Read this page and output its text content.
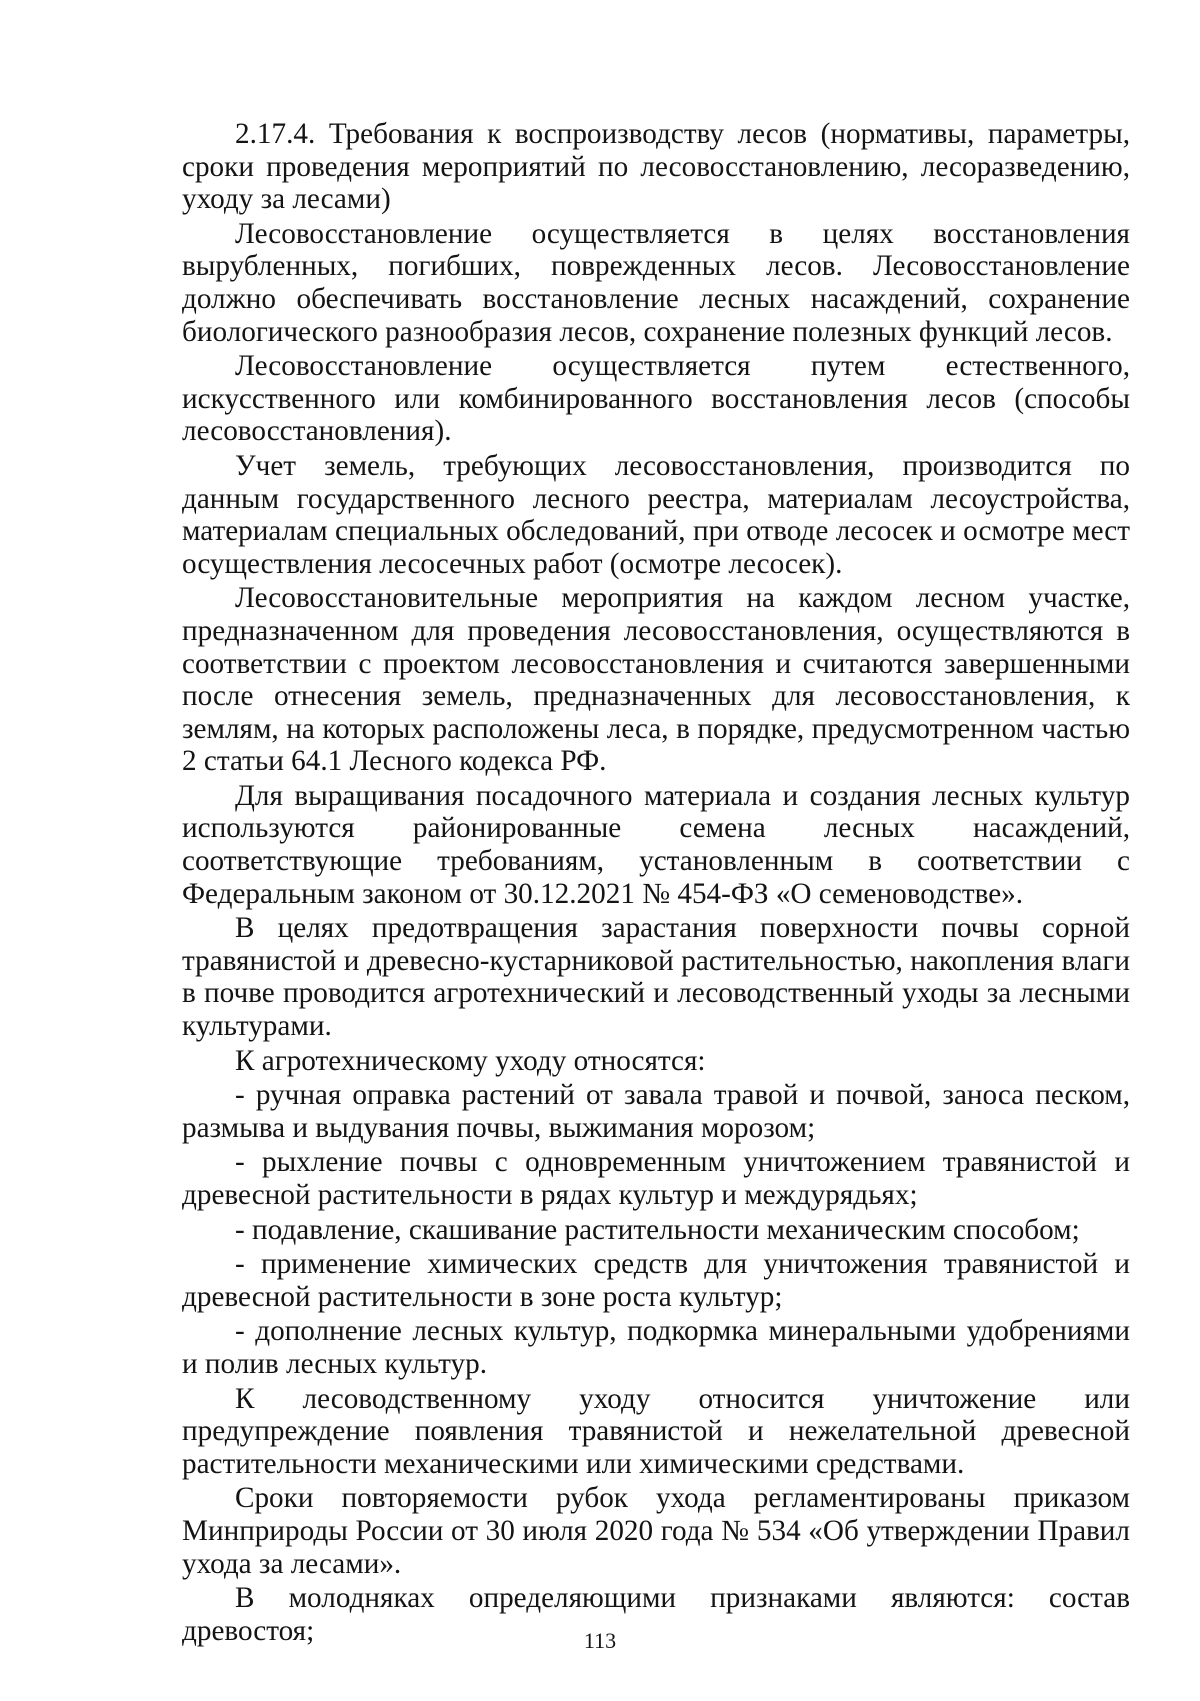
2.17.4. Требования к воспроизводству лесов (нормативы, параметры, сроки проведения мероприятий по лесовосстановлению, лесоразведению, уходу за лесами)

Лесовосстановление осуществляется в целях восстановления вырубленных, погибших, поврежденных лесов. Лесовосстановление должно обеспечивать восстановление лесных насаждений, сохранение биологического разнообразия лесов, сохранение полезных функций лесов.

Лесовосстановление осуществляется путем естественного, искусственного или комбинированного восстановления лесов (способы лесовосстановления).

Учет земель, требующих лесовосстановления, производится по данным государственного лесного реестра, материалам лесоустройства, материалам специальных обследований, при отводе лесосек и осмотре мест осуществления лесосечных работ (осмотре лесосек).

Лесовосстановительные мероприятия на каждом лесном участке, предназначенном для проведения лесовосстановления, осуществляются в соответствии с проектом лесовосстановления и считаются завершенными после отнесения земель, предназначенных для лесовосстановления, к землям, на которых расположены леса, в порядке, предусмотренном частью 2 статьи 64.1 Лесного кодекса РФ.

Для выращивания посадочного материала и создания лесных культур используются районированные семена лесных насаждений, соответствующие требованиям, установленным в соответствии с Федеральным законом от 30.12.2021 № 454-ФЗ «О семеноводстве».

В целях предотвращения зарастания поверхности почвы сорной травянистой и древесно-кустарниковой растительностью, накопления влаги в почве проводится агротехнический и лесоводственный уходы за лесными культурами.

К агротехническому уходу относятся:

- ручная оправка растений от завала травой и почвой, заноса песком, размыва и выдувания почвы, выжимания морозом;

- рыхление почвы с одновременным уничтожением травянистой и древесной растительности в рядах культур и междурядьях;

- подавление, скашивание растительности механическим способом;

- применение химических средств для уничтожения травянистой и древесной растительности в зоне роста культур;

- дополнение лесных культур, подкормка минеральными удобрениями и полив лесных культур.

К лесоводственному уходу относится уничтожение или предупреждение появления травянистой и нежелательной древесной растительности механическими или химическими средствами.

Сроки повторяемости рубок ухода регламентированы приказом Минприроды России от 30 июля 2020 года № 534 «Об утверждении Правил ухода за лесами».

В молодняках определяющими признаками являются: состав древостоя;	113
